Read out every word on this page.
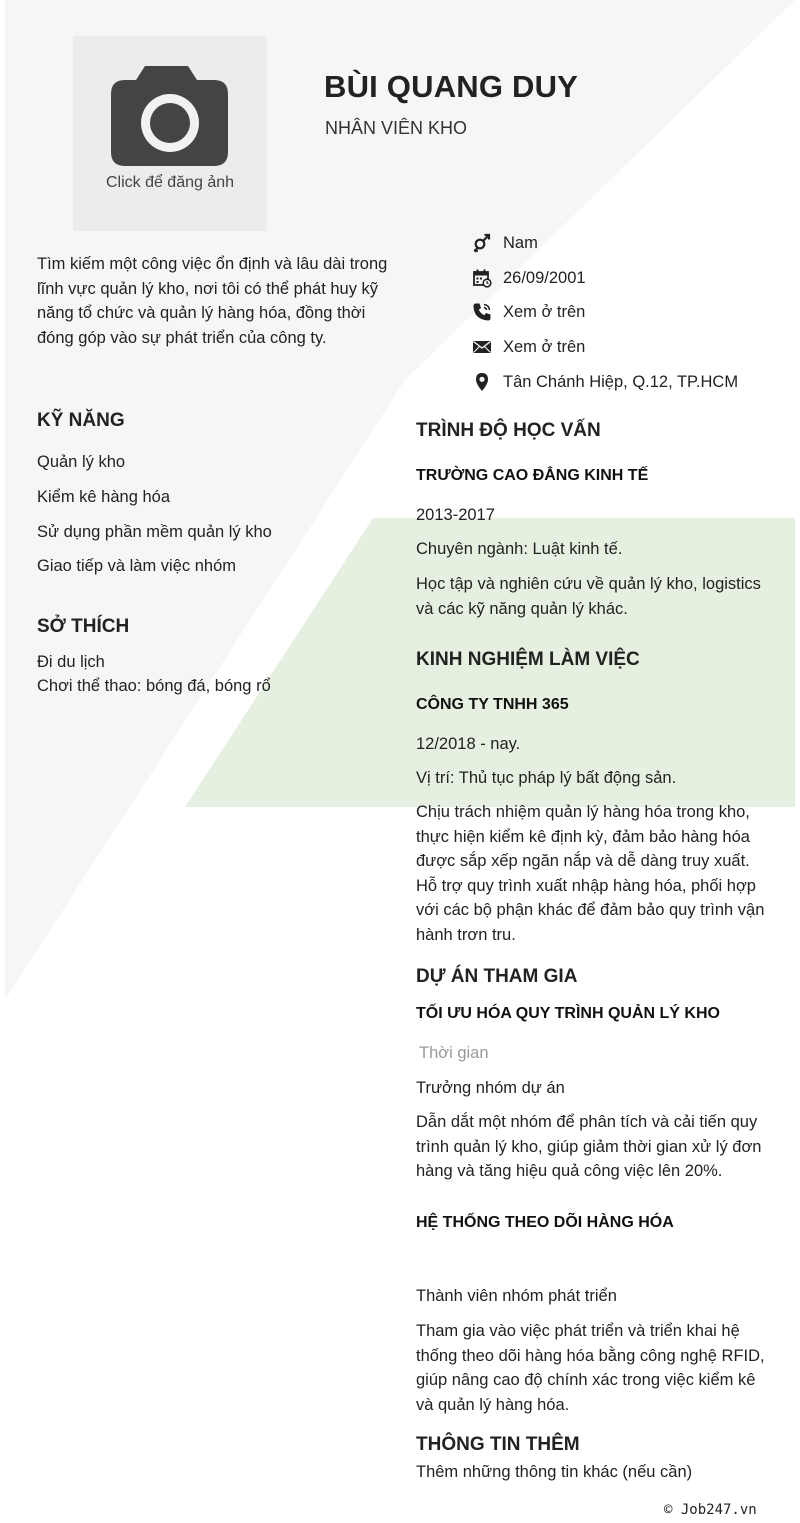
Click để đăng ảnh
BÙI QUANG DUY
NHÂN VIÊN KHO
Tìm kiếm một công việc ổn định và lâu dài trong
lĩnh vực quản lý kho, nơi tôi có thể phát huy kỹ
năng tổ chức và quản lý hàng hóa, đồng thời
đóng góp vào sự phát triển của công ty.
Nam
26/09/2001
Xem ở trên
Xem ở trên
Tân Chánh Hiệp, Q.12, TP.HCM
KỸ NĂNG
Quản lý kho
Kiểm kê hàng hóa
Sử dụng phần mềm quản lý kho
Giao tiếp và làm việc nhóm
SỞ THÍCH
Đi du lịch
Chơi thể thao: bóng đá, bóng rổ
TRÌNH ĐỘ HỌC VẤN
TRƯỜNG CAO ĐẲNG KINH TẾ
2013-2017
Chuyên ngành: Luật kinh tế.
Học tập và nghiên cứu về quản lý kho, logistics
và các kỹ năng quản lý khác.
KINH NGHIỆM LÀM VIỆC
CÔNG TY TNHH 365
12/2018 - nay.
Vị trí: Thủ tục pháp lý bất động sản.
Chịu trách nhiệm quản lý hàng hóa trong kho,
thực hiện kiểm kê định kỳ, đảm bảo hàng hóa
được sắp xếp ngăn nắp và dễ dàng truy xuất.
Hỗ trợ quy trình xuất nhập hàng hóa, phối hợp
với các bộ phận khác để đảm bảo quy trình vận
hành trơn tru.
DỰ ÁN THAM GIA
TỐI ƯU HÓA QUY TRÌNH QUẢN LÝ KHO
Thời gian
Trưởng nhóm dự án
Dẫn dắt một nhóm để phân tích và cải tiến quy
trình quản lý kho, giúp giảm thời gian xử lý đơn
hàng và tăng hiệu quả công việc lên 20%.
HỆ THỐNG THEO DÕI HÀNG HÓA
Thành viên nhóm phát triển
Tham gia vào việc phát triển và triển khai hệ
thống theo dõi hàng hóa bằng công nghệ RFID,
giúp nâng cao độ chính xác trong việc kiểm kê
và quản lý hàng hóa.
THÔNG TIN THÊM
Thêm những thông tin khác (nếu cần)
© Job247.vn
